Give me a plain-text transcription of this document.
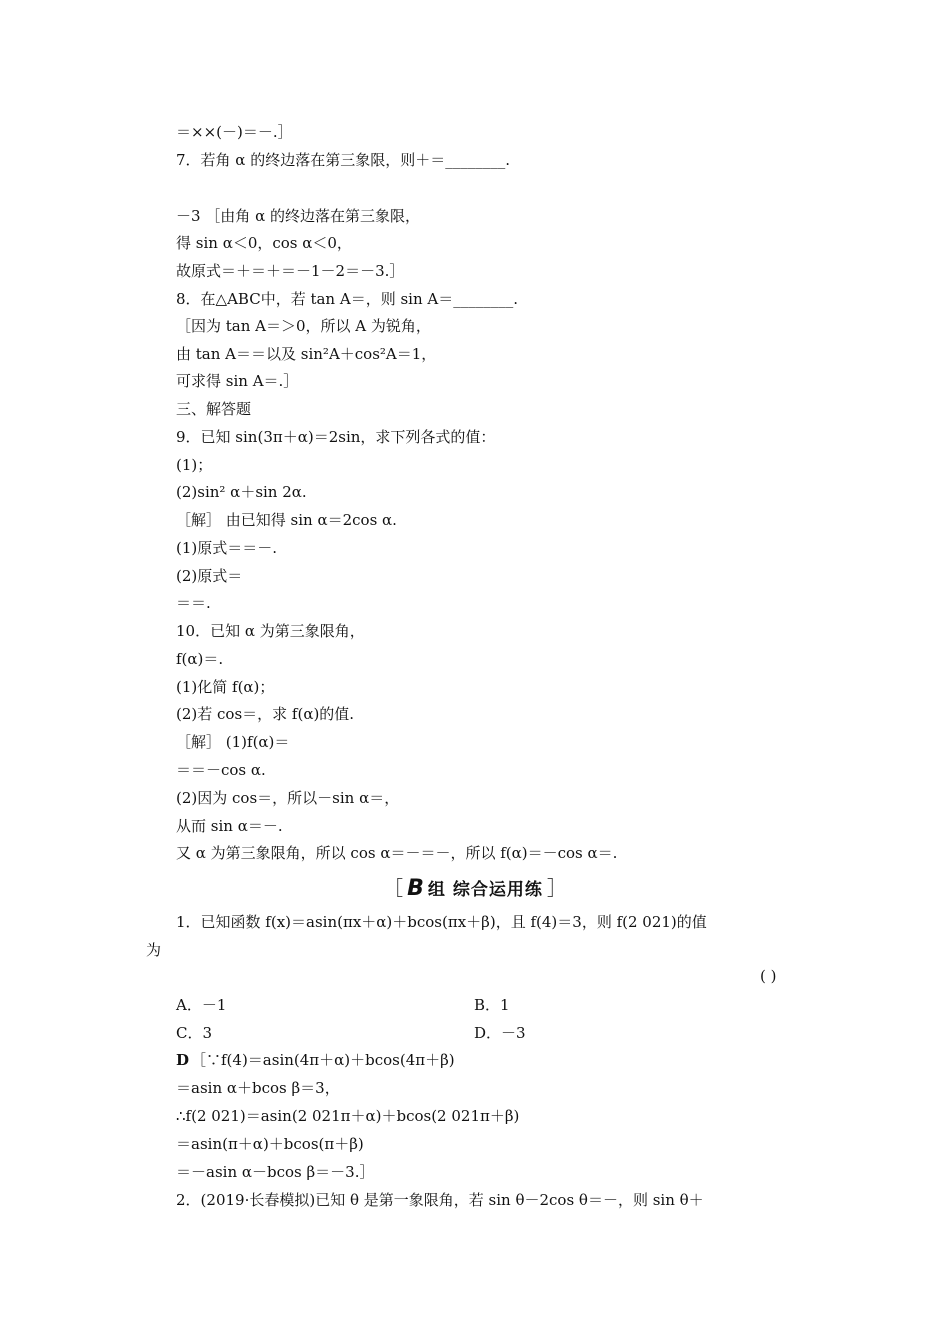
＝××(－)＝－.］
7．若角 α 的终边落在第三象限，则＋＝________.
－3 ［由角 α 的终边落在第三象限，
得 sin α＜0，cos α＜0，
故原式＝＋＝＋＝－1－2＝－3.］
8．在△ABC中，若 tan A＝，则 sin A＝________.
［因为 tan A＝＞0，所以 A 为锐角，
由 tan A＝＝以及 sin²A＋cos²A＝1，
可求得 sin A＝.］
三、解答题
9．已知 sin(3π＋α)＝2sin，求下列各式的值：
(1)；
(2)sin² α＋sin 2α.
［解］ 由已知得 sin α＝2cos α.
(1)原式＝＝－.
(2)原式＝
＝＝.
10．已知 α 为第三象限角，
f(α)＝.
(1)化简 f(α)；
(2)若 cos＝，求 f(α)的值.
［解］ (1)f(α)＝
＝＝－cos α.
(2)因为 cos＝，所以－sin α＝，
从而 sin α＝－.
又 α 为第三象限角，所以 cos α＝－＝－，所以 f(α)＝－cos α＝.
［ B 组 综合运用练 ］
1．已知函数 f(x)＝asin(πx＋α)＋bcos(πx＋β)，且 f(4)＝3，则 f(2 021)的值
为
( )
A．－1	B．1
C．3	D．－3
D ［∵f(4)＝asin(4π＋α)＋bcos(4π＋β)
＝asin α＋bcos β＝3，
∴f(2 021)＝asin(2 021π＋α)＋bcos(2 021π＋β)
＝asin(π＋α)＋bcos(π＋β)
＝－asin α－bcos β＝－3.］
2．(2019·长春模拟)已知 θ 是第一象限角，若 sin θ－2cos θ＝－，则 sin θ＋
